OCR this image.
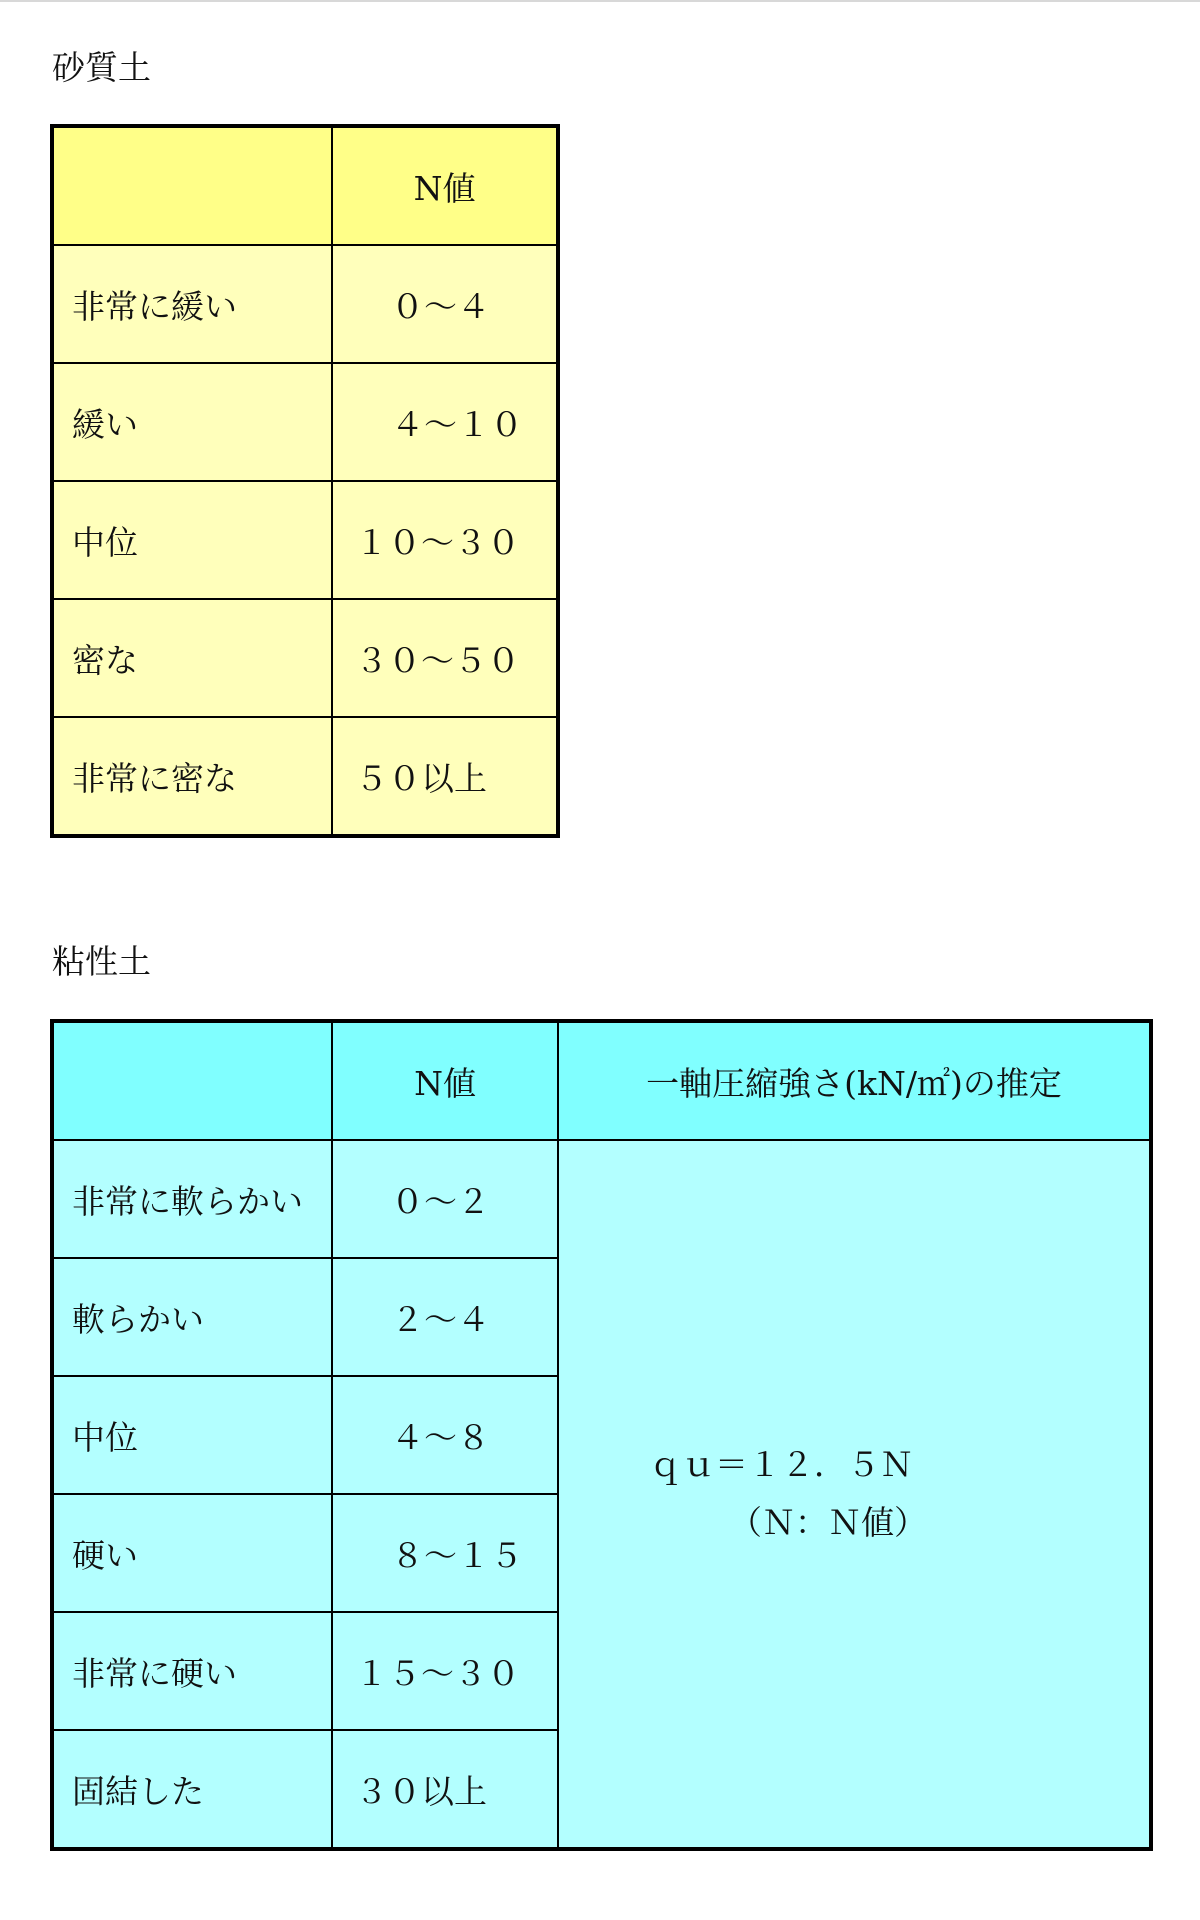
砂質土
	N値
非常に緩い	０～４
緩い	４～１０
中位	１０～３０
密な	３０～５０
非常に密な	５０以上
粘性土
	N値	一軸圧縮強さ(kN/㎡)の推定
非常に軟らかい	０～２	ｑｕ＝１２．５Ｎ
（Ｎ：Ｎ値）

軟らかい	２～４	
中位	４～８	
硬い	８～１５	
非常に硬い	１５～３０	
固結した	３０以上	
